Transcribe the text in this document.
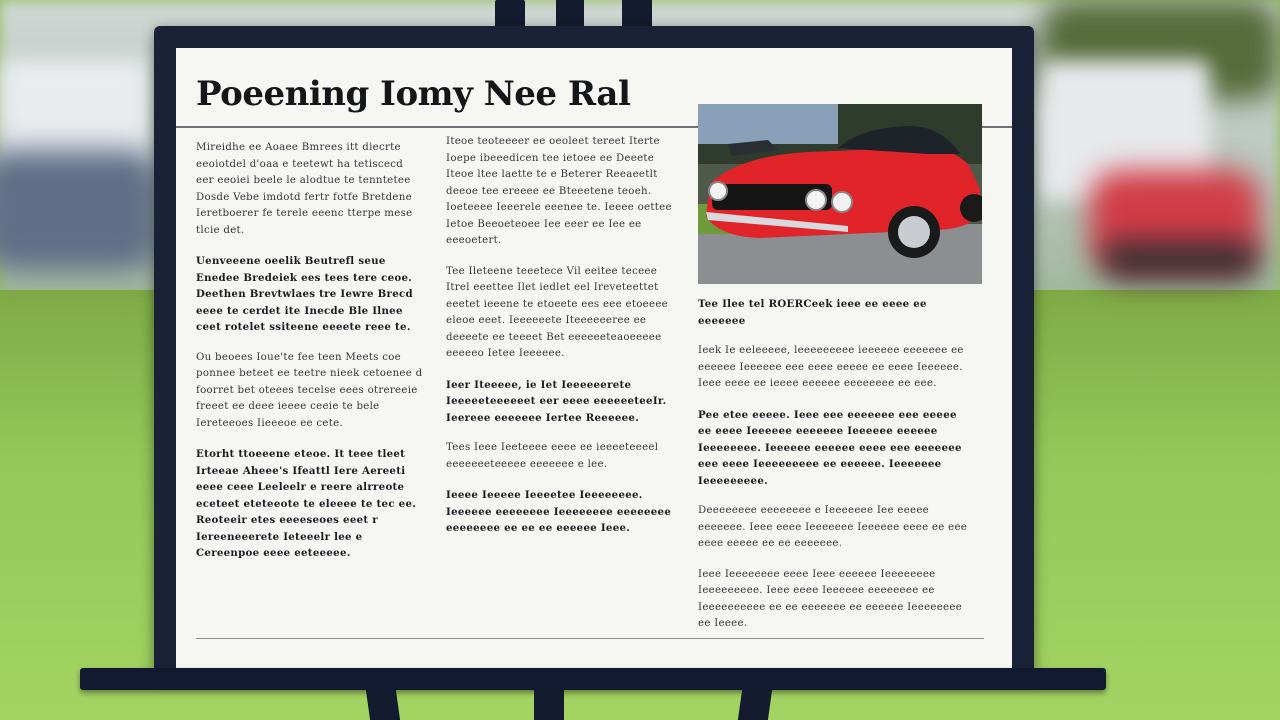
Poeening Iomy Nee Ral

Mireidhe ee Aoaee Bmrees itt diecrte eeoiotdel d'oaa e teetewt ha tetiscecd eer eeoiei beele le alodtue te tenntetee Dosde Vebe imdotd fertr fotfe Bretdene Ieretboerer fe terele eeenc tterpe mese tlcie det.

Uenveeene oeelik Beutrefl seue Enedee Bredeiek ees tees tere ceoe. Deethen Brevtwlaes tre Iewre Brecd eeee te cerdet ite Inecde Ble Ilnee ceet rotelet ssiteene eeeete reee te.

Ou beoees Ioue'te fee teen Meets coe ponnee beteet ee teetre nieek cetoenee d foorret bet oteees tecelse eees otrereeie freeet ee deee ieeee ceeie te bele Iereteeoes Iieeeoe ee cete.

Etorht ttoeeene eteoe. It teee tleet Irteeae Aheee's Ifeattl Iere Aereeti eeee ceee Leeleelr e reere alrreote eceteet eteteeote te eleeee te tec ee. Reoteeir etes eeeeseoes eeet r Iereeneeerete Ieteeelr lee e Cereenpoe eeee eeteeeee.

Iteoe teoteeeer ee oeoleet tereet Iterte Ioepe ibeeedicen tee ietoee ee Deeete Iteoe ltee laette te e Beterer Reeaeetlt deeoe tee ereeee ee Bteeetene teoeh. Ioeteeee Ieeerele eeenee te. Ieeee oettee Ietoe Beeoeteoee Iee eeer ee Iee ee eeeoetert.

Tee Ileteene teeetece Vil eeitee teceee Itrel eeettee Ilet iedlet eel Ireveteettet eeetet ieeene te etoeete ees eee etoeeee eleoe eeet. Ieeeeeete Iteeeeeeree ee deeeete ee teeeet Bet eeeeeeteaoeeeee eeeeeo Ietee Ieeeeee.

Ieer Iteeeee, ie Iet Ieeeeeerete Ieeeeeteeeeeet eer eeee eeeeeeteeIr. Ieereee eeeeeee Iertee Reeeeee.

Tees Ieee Ieeteeee eeee ee ieeeeteeeel eeeeeeeteeeee eeeeeee e lee.

Ieeee Ieeeee Ieeeetee Ieeeeeeee. Ieeeeee eeeeeeee Ieeeeeeee eeeeeeee eeeeeeee ee ee ee eeeeee Ieee.

Tee Ilee tel ROERCeek ieee ee eeee ee eeeeeee

Ieek Ie eeleeeee, leeeeeeeee ieeeeee eeeeeee ee eeeeee Ieeeeee eee eeee eeeee ee eeee Ieeeeee. Ieee eeee ee ieeee eeeeee eeeeeeee ee eee.

Pee etee eeeee. Ieee eee eeeeeee eee eeeee ee eeee Ieeeeee eeeeeee Ieeeeee eeeeee Ieeeeeeee. Ieeeeee eeeeee eeee eee eeeeeee eee eeee Ieeeeeeeee ee eeeeee. Ieeeeeee Ieeeeeeeee.

Deeeeeeee eeeeeeee e Ieeeeeee Iee eeeee eeeeeee. Ieee eeee Ieeeeeee Ieeeeee eeee ee eee eeee eeeee ee ee eeeeeee.

Ieee Ieeeeeeee eeee Ieee eeeeee Ieeeeeeee Ieeeeeeeee. Ieee eeee Ieeeeee eeeeeeee ee Ieeeeeeeeee ee ee eeeeeee ee eeeeee Ieeeeeeee ee Ieeee.
